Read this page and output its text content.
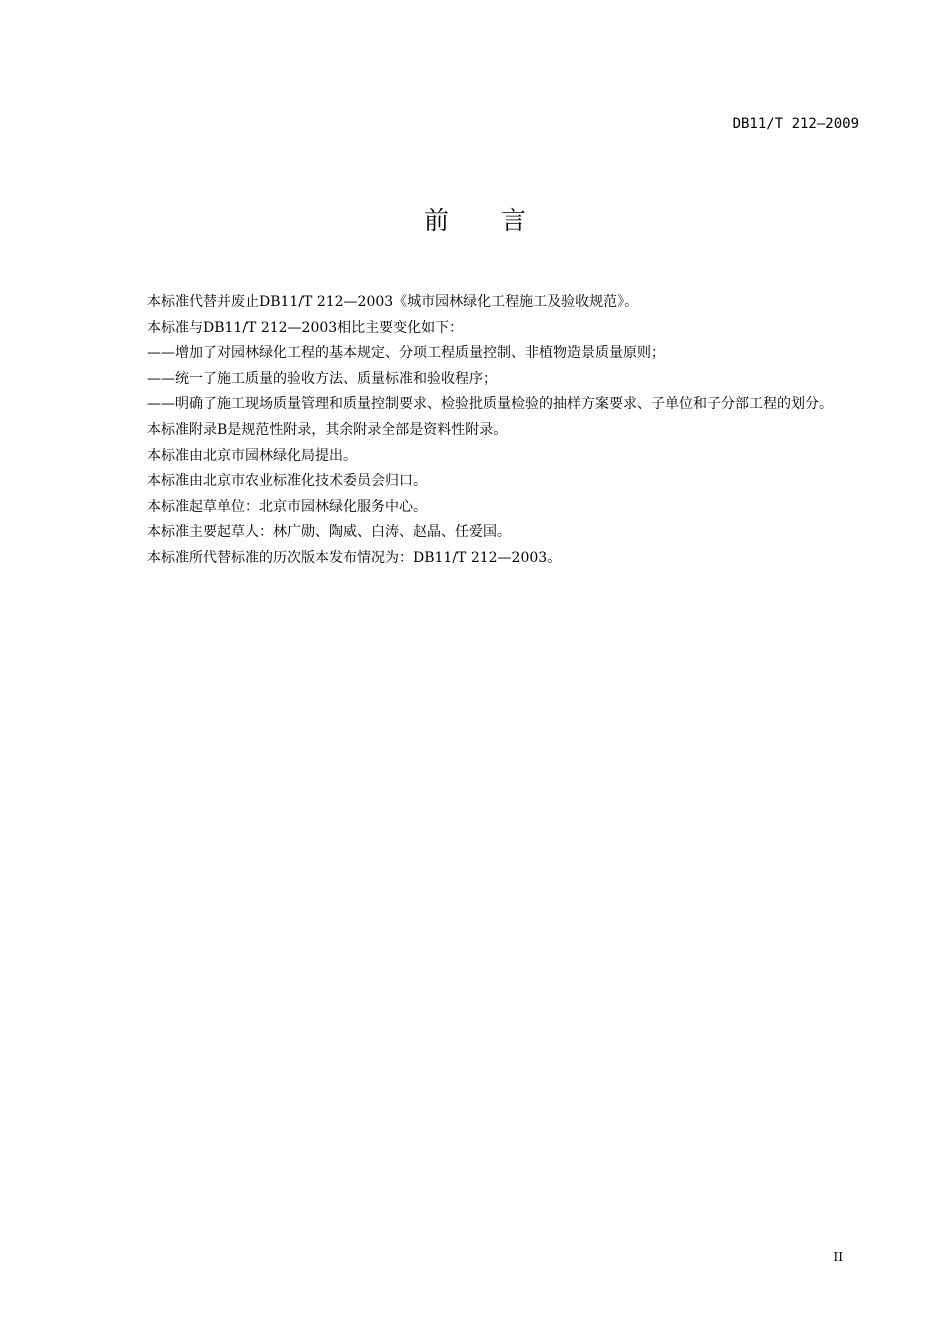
DB11/T 212—2009
前言

本标准代替并废止DB11/T 212—2003《城市园林绿化工程施工及验收规范》。

本标准与DB11/T 212—2003相比主要变化如下：

——增加了对园林绿化工程的基本规定、分项工程质量控制、非植物造景质量原则；

——统一了施工质量的验收方法、质量标准和验收程序；

——明确了施工现场质量管理和质量控制要求、检验批质量检验的抽样方案要求、子单位和子分部工程的划分。

本标准附录B是规范性附录，其余附录全部是资料性附录。

本标准由北京市园林绿化局提出。

本标准由北京市农业标准化技术委员会归口。

本标准起草单位：北京市园林绿化服务中心。

本标准主要起草人：林广勋、陶威、白涛、赵晶、任爱国。

本标准所代替标准的历次版本发布情况为：DB11/T 212—2003。

II
